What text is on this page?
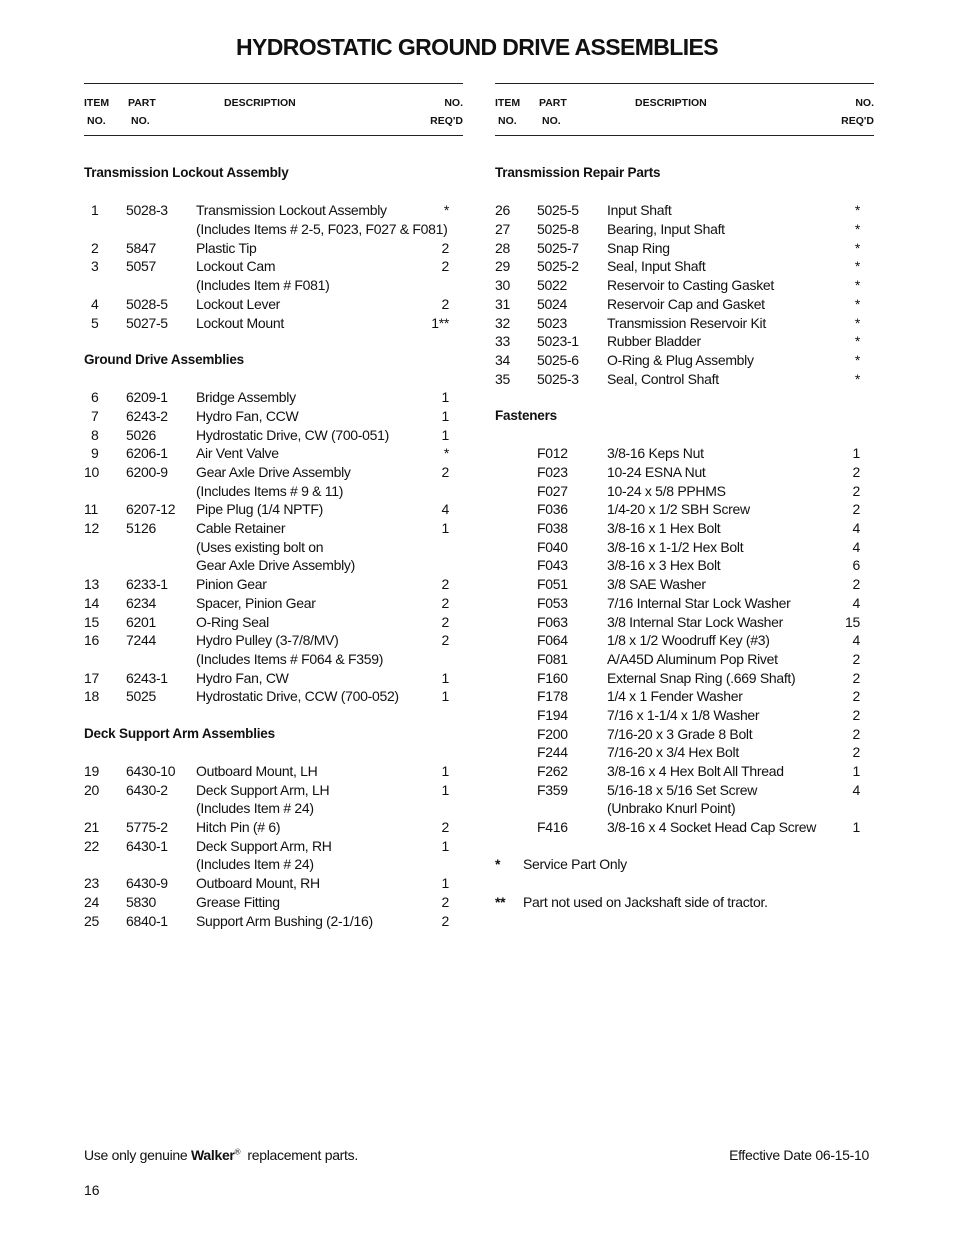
HYDROSTATIC GROUND DRIVE ASSEMBLIES
ITEM
NO.
PART
NO.
DESCRIPTION	NO.
REQ'D
Transmission Lockout Assembly
1 5028-3 Transmission Lockout Assembly	*
(Includes Items # 2-5, F023, F027 & F081)
2 5847	Plastic Tip	2
3 5057	Lockout Cam	2
(Includes Item # F081)
4 5028-5 Lockout Lever	2
5 5027-5 Lockout Mount	1**
Ground Drive Assemblies
6 6209-1 Bridge Assembly	1
7 6243-2 Hydro Fan, CCW	1
8 5026	Hydrostatic Drive, CW (700-051)	1
9 6206-1 Air Vent Valve	*
10 6200-9 Gear Axle Drive Assembly	2
(Includes Items # 9 & 11)
11 6207-12 Pipe Plug (1/4 NPTF)	4
12 5126	Cable Retainer	1
(Uses existing bolt on
Gear Axle Drive Assembly)
13 6233-1 Pinion Gear	2
14 6234	Spacer, Pinion Gear	2
15 6201	O-Ring Seal	2
16 7244	Hydro Pulley (3-7/8/MV)	2
(Includes Items # F064 & F359)
17 6243-1 Hydro Fan, CW	1
18 5025	Hydrostatic Drive, CCW (700-052)	1
Deck Support Arm Assemblies
19 6430-10 Outboard Mount, LH	1
20 6430-2 Deck Support Arm, LH	1
(Includes Item # 24)
21 5775-2 Hitch Pin (# 6)	2
22 6430-1 Deck Support Arm, RH	1
(Includes Item # 24)
23 6430-9 Outboard Mount, RH	1
24 5830	Grease Fitting	2
25 6840-1 Support Arm Bushing (2-1/16)	2
ITEM
NO.
PART
NO.
DESCRIPTION	NO.
REQ'D
Transmission Repair Parts
26 5025-5 Input Shaft	*
27 5025-8 Bearing, Input Shaft	*
28 5025-7 Snap Ring	*
29 5025-2 Seal, Input Shaft	*
30 5022	Reservoir to Casting Gasket	*
31 5024	Reservoir Cap and Gasket	*
32 5023	Transmission Reservoir Kit	*
33 5023-1 Rubber Bladder	*
34 5025-6 O-Ring & Plug Assembly	*
35 5025-3 Seal, Control Shaft	*
Fasteners
F012	3/8-16 Keps Nut	1
F023	10-24 ESNA Nut	2
F027	10-24 x 5/8 PPHMS	2
F036	1/4-20 x 1/2 SBH Screw	2
F038	3/8-16 x 1 Hex Bolt	4
F040	3/8-16 x 1-1/2 Hex Bolt	4
F043	3/8-16 x 3 Hex Bolt	6
F051	3/8 SAE Washer	2
F053	7/16 Internal Star Lock Washer	4
F063	3/8 Internal Star Lock Washer	15
F064	1/8 x 1/2 Woodruff Key (#3)	4
F081	A/A45D Aluminum Pop Rivet	2
F160	External Snap Ring (.669 Shaft)	2
F178	1/4 x 1 Fender Washer	2
F194	7/16 x 1-1/4 x 1/8 Washer	2
F200	7/16-20 x 3 Grade 8 Bolt	2
F244	7/16-20 x 3/4 Hex Bolt	2
F262	3/8-16 x 4 Hex Bolt All Thread	1
F359	5/16-18 x 5/16 Set Screw	4
(Unbrako Knurl Point)
F416	3/8-16 x 4 Socket Head Cap Screw	1
* Service Part Only
** Part not used on Jackshaft side of tractor.
Use only genuine Walker® replacement parts.	Effective Date 06-15-10
16
